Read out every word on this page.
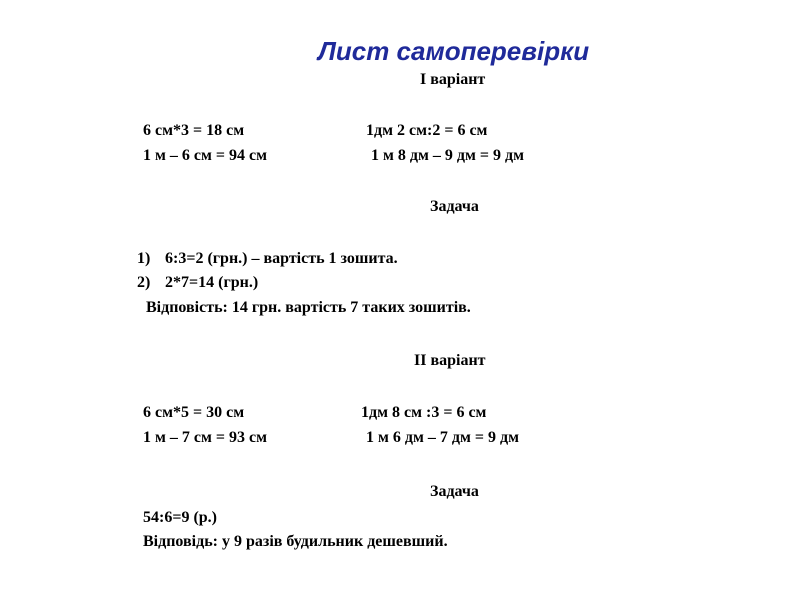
Лист самоперевірки
І варіант
6 см*3 = 18 см	1дм 2 см:2 = 6 см
1 м – 6 см = 94 см	1 м 8 дм – 9 дм = 9 дм
Задача
1) 6:3=2 (грн.) – вартість 1 зошита.
2) 2*7=14 (грн.)
Відповість: 14 грн. вартість 7 таких зошитів.
ІІ варіант
6 см*5 = 30 см	1дм 8 см :3 = 6 см
1 м – 7 см = 93 см	1 м 6 дм – 7 дм = 9 дм
Задача
54:6=9 (р.)
Відповідь: у 9 разів будильник дешевший.
